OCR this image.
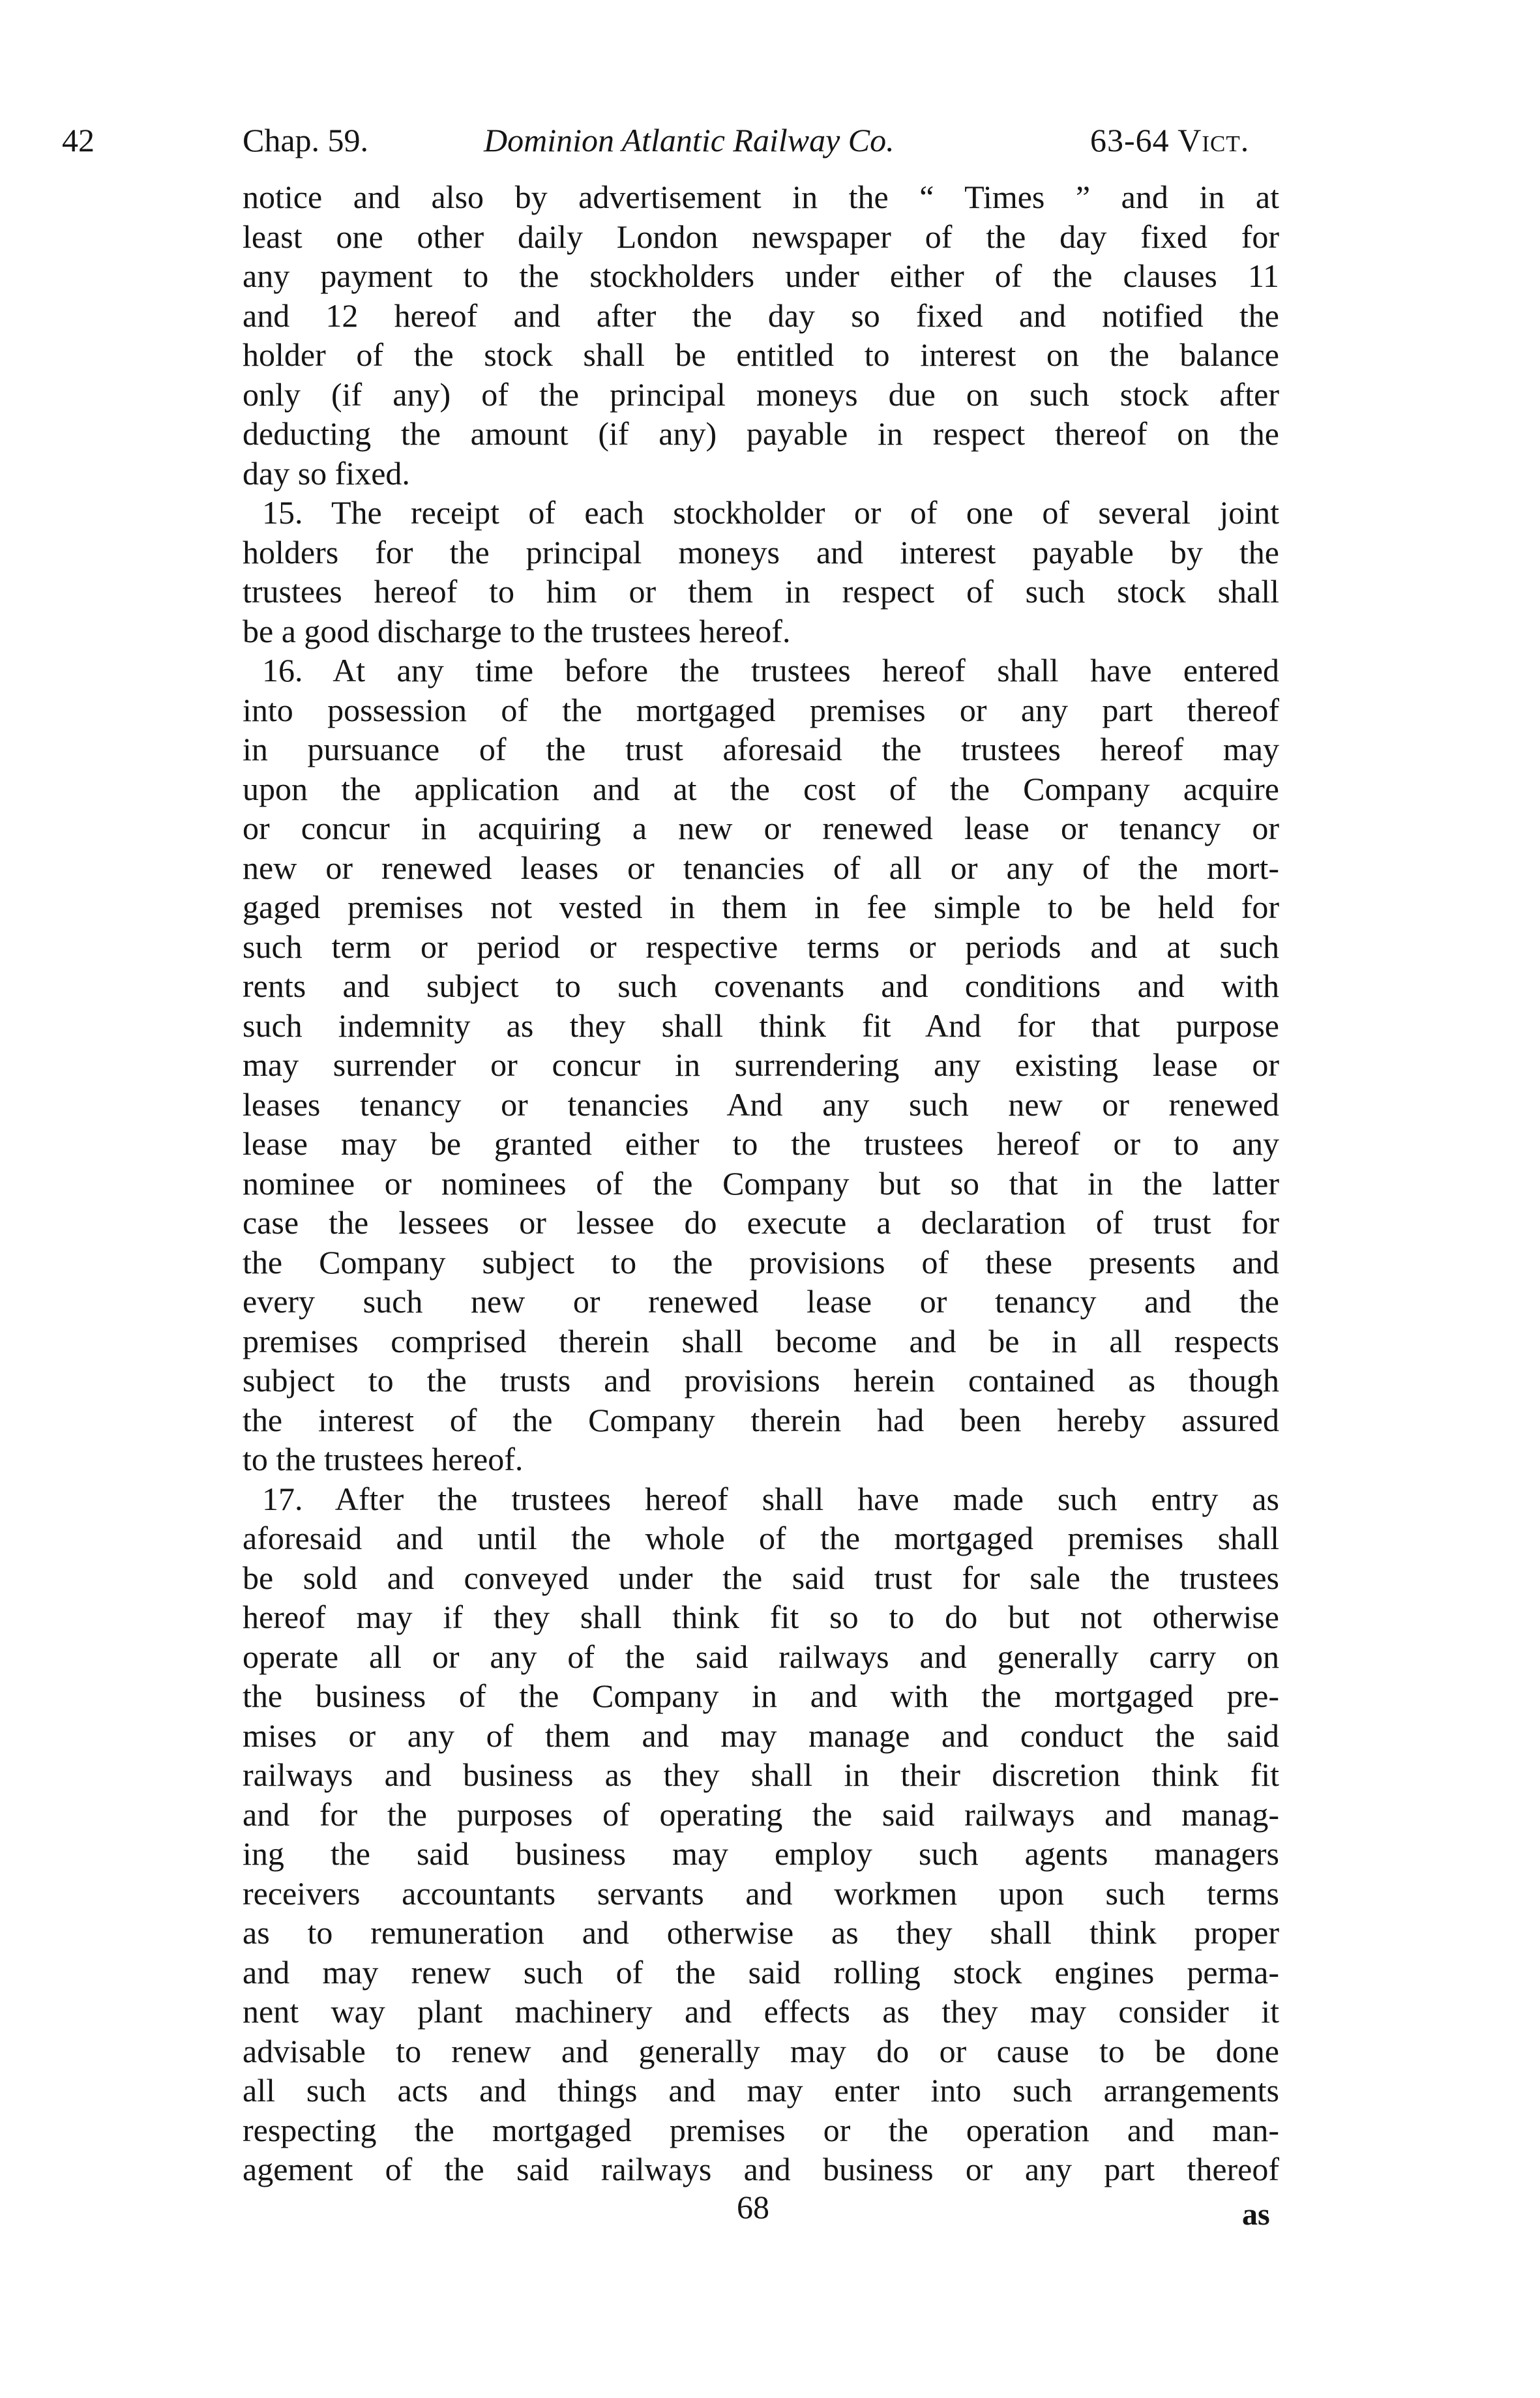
42	Chap. 59.	Dominion Atlantic Railway Co.	63-64 Vict.
notice and also by advertisement in the “ Times ” and in at
least one other daily London newspaper of the day fixed for
any payment to the stockholders under either of the clauses 11
and 12 hereof and after the day so fixed and notified the
holder of the stock shall be entitled to interest on the balance
only (if any) of the principal moneys due on such stock after
deducting the amount (if any) payable in respect thereof on the
day so fixed.
15. The receipt of each stockholder or of one of several joint
holders for the principal moneys and interest payable by the
trustees hereof to him or them in respect of such stock shall
be a good discharge to the trustees hereof.
16. At any time before the trustees hereof shall have entered
into possession of the mortgaged premises or any part thereof
in pursuance of the trust aforesaid the trustees hereof may
upon the application and at the cost of the Company acquire
or concur in acquiring a new or renewed lease or tenancy or
new or renewed leases or tenancies of all or any of the mort-
gaged premises not vested in them in fee simple to be held for
such term or period or respective terms or periods and at such
rents and subject to such covenants and conditions and with
such indemnity as they shall think fit And for that purpose
may surrender or concur in surrendering any existing lease or
leases tenancy or tenancies And any such new or renewed
lease may be granted either to the trustees hereof or to any
nominee or nominees of the Company but so that in the latter
case the lessees or lessee do execute a declaration of trust for
the Company subject to the provisions of these presents and
every such new or renewed lease or tenancy and the
premises comprised therein shall become and be in all respects
subject to the trusts and provisions herein contained as though
the interest of the Company therein had been hereby assured
to the trustees hereof.
17. After the trustees hereof shall have made such entry as
aforesaid and until the whole of the mortgaged premises shall
be sold and conveyed under the said trust for sale the trustees
hereof may if they shall think fit so to do but not otherwise
operate all or any of the said railways and generally carry on
the business of the Company in and with the mortgaged pre-
mises or any of them and may manage and conduct the said
railways and business as they shall in their discretion think fit
and for the purposes of operating the said railways and manag-
ing the said business may employ such agents managers
receivers accountants servants and workmen upon such terms
as to remuneration and otherwise as they shall think proper
and may renew such of the said rolling stock engines perma-
nent way plant machinery and effects as they may consider it
advisable to renew and generally may do or cause to be done
all such acts and things and may enter into such arrangements
respecting the mortgaged premises or the operation and man-
agement of the said railways and business or any part thereof
68	as
